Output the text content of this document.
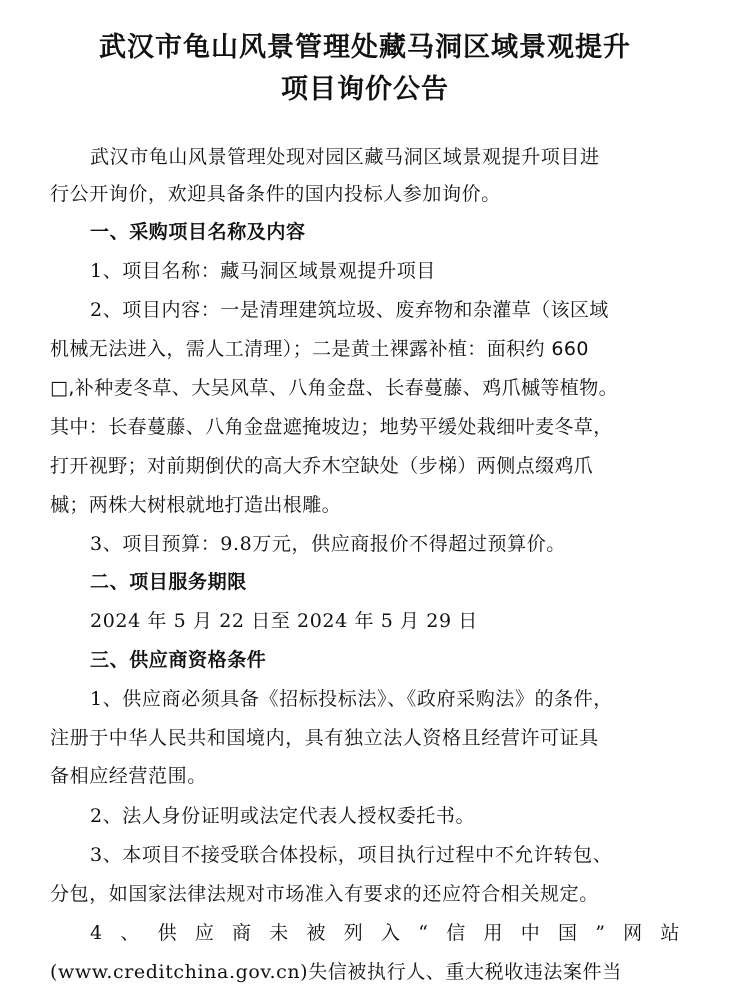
武汉市龟山风景管理处藏马洞区域景观提升
项目询价公告
武汉市龟山风景管理处现对园区藏马洞区域景观提升项目进
行公开询价，欢迎具备条件的国内投标人参加询价。
一、采购项目名称及内容
1、项目名称：藏马洞区域景观提升项目
2、项目内容：一是清理建筑垃圾、废弃物和杂灌草（该区域
机械无法进入，需人工清理）；二是黄土裸露补植：面积约 660
□,补种麦冬草、大吴风草、八角金盘、长春蔓藤、鸡爪槭等植物。
其中：长春蔓藤、八角金盘遮掩坡边；地势平缓处栽细叶麦冬草，
打开视野；对前期倒伏的高大乔木空缺处（步梯）两侧点缀鸡爪
槭；两株大树根就地打造出根雕。
3、项目预算：9.8万元，供应商报价不得超过预算价。
二、项目服务期限
2024 年 5 月 22 日至 2024 年 5 月 29 日
三、供应商资格条件
1、供应商必须具备《招标投标法》、《政府采购法》的条件，
注册于中华人民共和国境内，具有独立法人资格且经营许可证具
备相应经营范围。
2、法人身份证明或法定代表人授权委托书。
3、本项目不接受联合体投标，项目执行过程中不允许转包、
分包，如国家法律法规对市场准入有要求的还应符合相关规定。
4、供应商未被列入“信用中国”网站
(www.creditchina.gov.cn)失信被执行人、重大税收违法案件当
